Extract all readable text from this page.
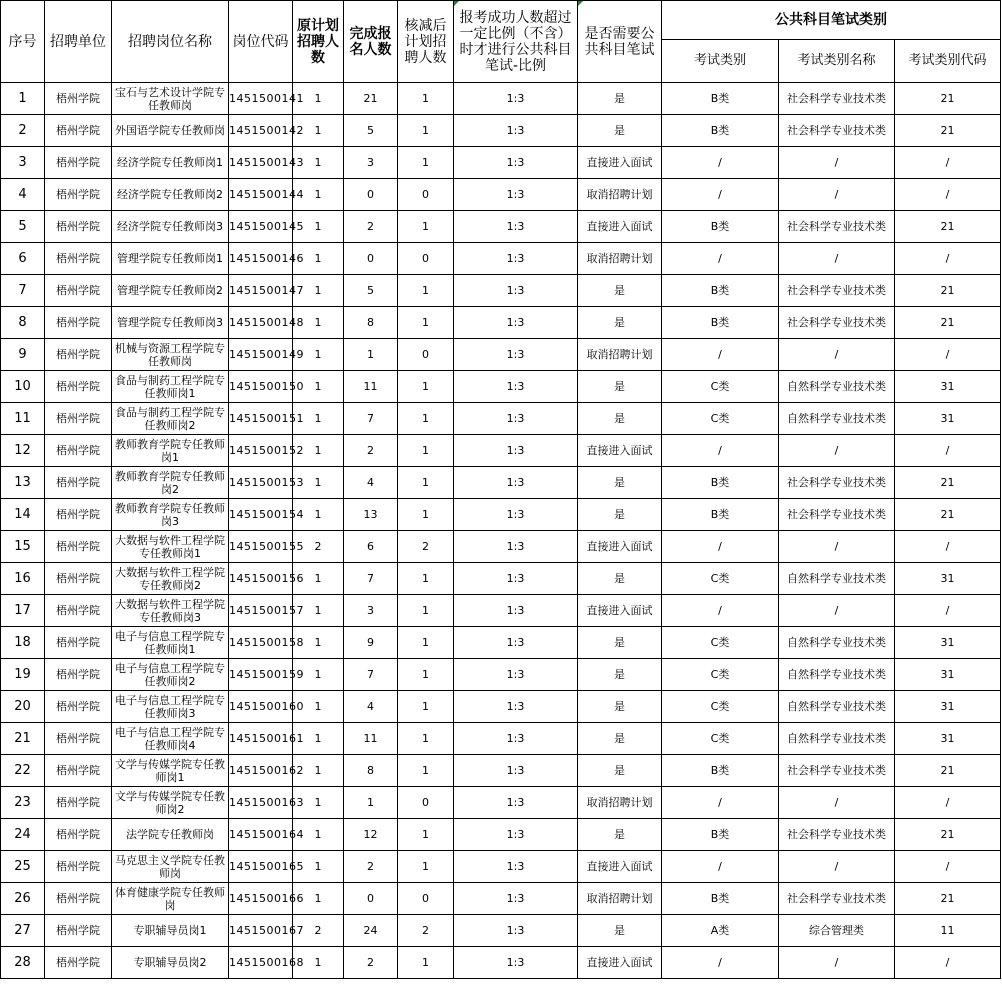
序号	招聘单位	招聘岗位名称	岗位代码	原计划招聘人数	完成报名人数	核减后计划招聘人数	报考成功人数超过一定比例（不含）时才进行公共科目笔试-比例	是否需要公共科目笔试	公共科目笔试类别		
									考试类别	考试类别名称	考试类别代码
1	梧州学院	宝石与艺术设计学院专任教师岗	1451500141	1	21	1	1:3	是	B类	社会科学专业技术类	21
2	梧州学院	外国语学院专任教师岗	1451500142	1	5	1	1:3	是	B类	社会科学专业技术类	21
3	梧州学院	经济学院专任教师岗1	1451500143	1	3	1	1:3	直接进入面试	/	/	/
4	梧州学院	经济学院专任教师岗2	1451500144	1	0	0	1:3	取消招聘计划	/	/	/
5	梧州学院	经济学院专任教师岗3	1451500145	1	2	1	1:3	直接进入面试	B类	社会科学专业技术类	21
6	梧州学院	管理学院专任教师岗1	1451500146	1	0	0	1:3	取消招聘计划	/	/	/
7	梧州学院	管理学院专任教师岗2	1451500147	1	5	1	1:3	是	B类	社会科学专业技术类	21
8	梧州学院	管理学院专任教师岗3	1451500148	1	8	1	1:3	是	B类	社会科学专业技术类	21
9	梧州学院	机械与资源工程学院专任教师岗	1451500149	1	1	0	1:3	取消招聘计划	/	/	/
10	梧州学院	食品与制药工程学院专任教师岗1	1451500150	1	11	1	1:3	是	C类	自然科学专业技术类	31
11	梧州学院	食品与制药工程学院专任教师岗2	1451500151	1	7	1	1:3	是	C类	自然科学专业技术类	31
12	梧州学院	教师教育学院专任教师岗1	1451500152	1	2	1	1:3	直接进入面试	/	/	/
13	梧州学院	教师教育学院专任教师岗2	1451500153	1	4	1	1:3	是	B类	社会科学专业技术类	21
14	梧州学院	教师教育学院专任教师岗3	1451500154	1	13	1	1:3	是	B类	社会科学专业技术类	21
15	梧州学院	大数据与软件工程学院专任教师岗1	1451500155	2	6	2	1:3	直接进入面试	/	/	/
16	梧州学院	大数据与软件工程学院专任教师岗2	1451500156	1	7	1	1:3	是	C类	自然科学专业技术类	31
17	梧州学院	大数据与软件工程学院专任教师岗3	1451500157	1	3	1	1:3	直接进入面试	/	/	/
18	梧州学院	电子与信息工程学院专任教师岗1	1451500158	1	9	1	1:3	是	C类	自然科学专业技术类	31
19	梧州学院	电子与信息工程学院专任教师岗2	1451500159	1	7	1	1:3	是	C类	自然科学专业技术类	31
20	梧州学院	电子与信息工程学院专任教师岗3	1451500160	1	4	1	1:3	是	C类	自然科学专业技术类	31
21	梧州学院	电子与信息工程学院专任教师岗4	1451500161	1	11	1	1:3	是	C类	自然科学专业技术类	31
22	梧州学院	文学与传媒学院专任教师岗1	1451500162	1	8	1	1:3	是	B类	社会科学专业技术类	21
23	梧州学院	文学与传媒学院专任教师岗2	1451500163	1	1	0	1:3	取消招聘计划	/	/	/
24	梧州学院	法学院专任教师岗	1451500164	1	12	1	1:3	是	B类	社会科学专业技术类	21
25	梧州学院	马克思主义学院专任教师岗	1451500165	1	2	1	1:3	直接进入面试	/	/	/
26	梧州学院	体育健康学院专任教师岗	1451500166	1	0	0	1:3	取消招聘计划	B类	社会科学专业技术类	21
27	梧州学院	专职辅导员岗1	1451500167	2	24	2	1:3	是	A类	综合管理类	11
28	梧州学院	专职辅导员岗2	1451500168	1	2	1	1:3	直接进入面试	/	/	/
